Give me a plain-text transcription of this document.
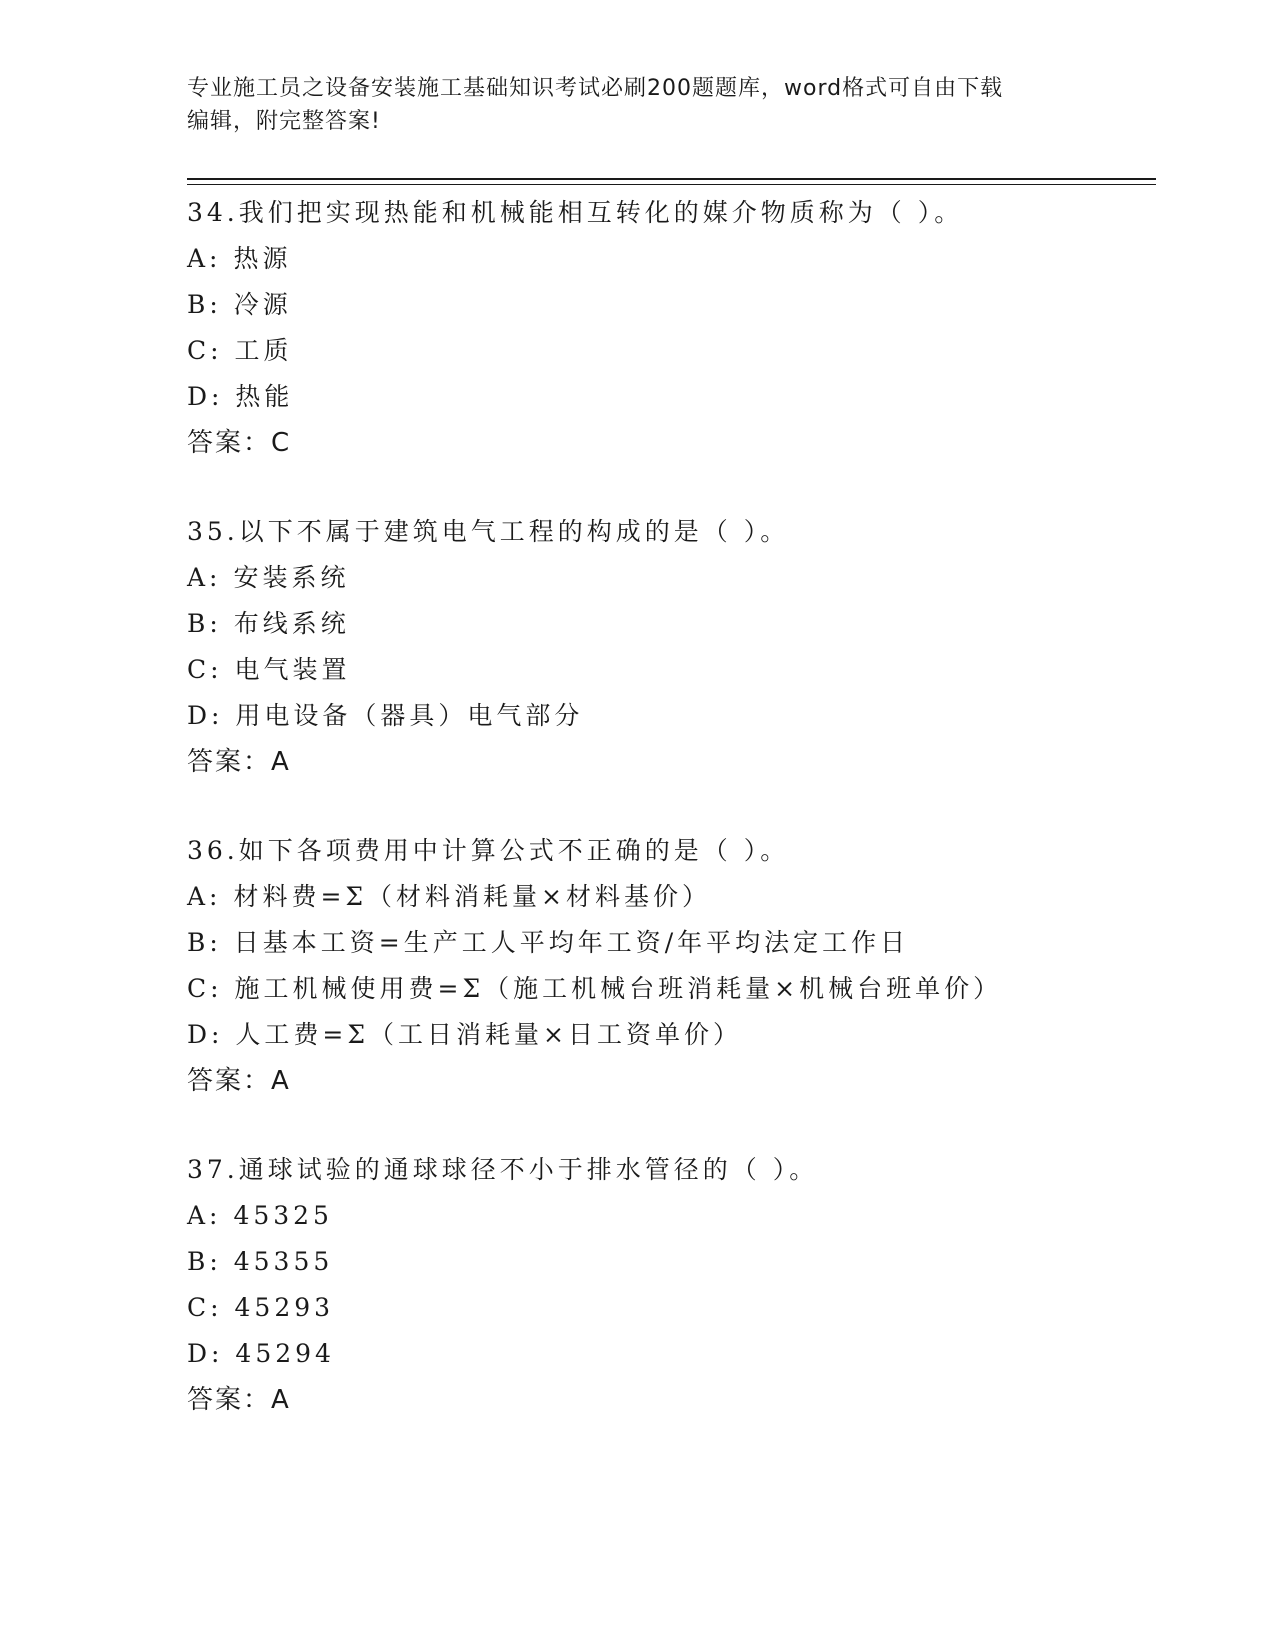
专业施工员之设备安装施工基础知识考试必刷200题题库，word格式可自由下载
编辑，附完整答案!
34.我们把实现热能和机械能相互转化的媒介物质称为（ ）。
A: 热源
B: 冷源
C: 工质
D: 热能
答案：C
35.以下不属于建筑电气工程的构成的是（ ）。
A: 安装系统
B: 布线系统
C: 电气装置
D: 用电设备（器具）电气部分
答案：A
36.如下各项费用中计算公式不正确的是（ ）。
A: 材料费=Σ（材料消耗量×材料基价）
B: 日基本工资=生产工人平均年工资/年平均法定工作日
C: 施工机械使用费=Σ（施工机械台班消耗量×机械台班单价）
D: 人工费=Σ（工日消耗量×日工资单价）
答案：A
37.通球试验的通球球径不小于排水管径的（ ）。
A: 45325
B: 45355
C: 45293
D: 45294
答案：A
